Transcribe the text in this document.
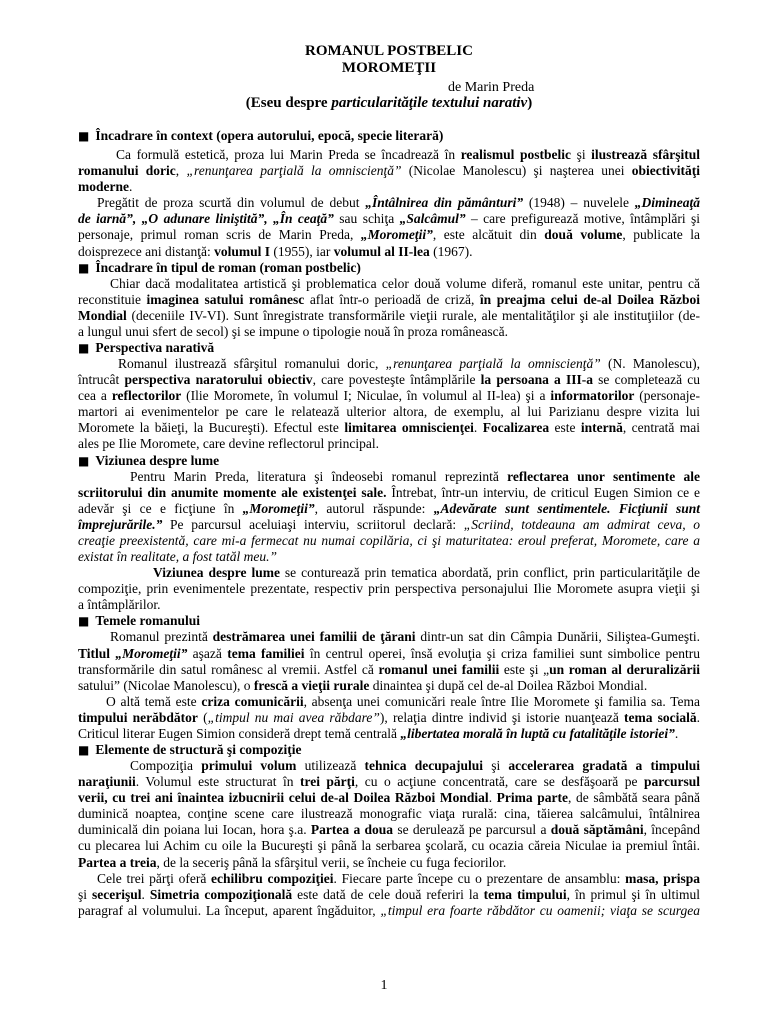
ROMANUL POSTBELIC
MOROMEŢII
de Marin Preda
(Eseu despre particularităţile textului narativ)
■ Încadrare în context (opera autorului, epocă, specie literară)
Ca formulă estetică, proza lui Marin Preda se încadrează în realismul postbelic şi ilustrează sfârşitul
romanului doric, „renunţarea parţială la omniscienţă” (Nicolae Manolescu) şi naşterea unei obiectivităţi
moderne.
Pregătit de proza scurtă din volumul de debut „Întâlnirea din pământuri” (1948) – nuvelele „Dimineaţă
de iarnă”, „O adunare liniştită”, „În ceaţă” sau schiţa „Salcâmul” – care prefigurează motive, întâmplări şi
personaje, primul roman scris de Marin Preda, „Moromeţii”, este alcătuit din două volume, publicate la
doisprezece ani distanţă: volumul I (1955), iar volumul al II-lea (1967).
■ Încadrare în tipul de roman (roman postbelic)
Chiar dacă modalitatea artistică şi problematica celor două volume diferă, romanul este unitar, pentru că
reconstituie imaginea satului românesc aflat într-o perioadă de criză, în preajma celui de-al Doilea Război
Mondial (deceniile IV-VI). Sunt înregistrate transformările vieţii rurale, ale mentalităţilor şi ale instituţiilor (de-
a lungul unui sfert de secol) şi se impune o tipologie nouă în proza românească.
■ Perspectiva narativă
Romanul ilustrează sfârşitul romanului doric, „renunţarea parţială la omniscienţă” (N. Manolescu),
întrucât perspectiva naratorului obiectiv, care povesteşte întâmplările la persoana a III-a se completează cu
cea a reflectorilor (Ilie Moromete, în volumul I; Niculae, în volumul al II-lea) şi a informatorilor (personaje-
martori ai evenimentelor pe care le relatează ulterior altora, de exemplu, al lui Parizianu despre vizita lui
Moromete la băieţi, la Bucureşti). Efectul este limitarea omniscienţei. Focalizarea este internă, centrată mai
ales pe Ilie Moromete, care devine reflectorul principal.
■ Viziunea despre lume
Pentru Marin Preda, literatura şi îndeosebi romanul reprezintă reflectarea unor sentimente ale
scriitorului din anumite momente ale existenţei sale. Întrebat, într-un interviu, de criticul Eugen Simion ce e
adevăr şi ce e ficţiune în „Moromeţii”, autorul răspunde: „Adevărate sunt sentimentele. Ficţiunii sunt
împrejurările.” Pe parcursul aceluiaşi interviu, scriitorul declară: „Scriind, totdeauna am admirat ceva, o
creaţie preexistentă, care mi-a fermecat nu numai copilăria, ci şi maturitatea: eroul preferat, Moromete, care a
existat în realitate, a fost tatăl meu.”
Viziunea despre lume se conturează prin tematica abordată, prin conflict, prin particularităţile de
compoziţie, prin evenimentele prezentate, respectiv prin perspectiva personajului Ilie Moromete asupra vieţii şi
a întâmplărilor.
■ Temele romanului
Romanul prezintă destrămarea unei familii de ţărani dintr-un sat din Câmpia Dunării, Siliştea-Gumeşti.
Titlul „Moromeţii” aşază tema familiei în centrul operei, însă evoluţia şi criza familiei sunt simbolice pentru
transformările din satul românesc al vremii. Astfel că romanul unei familii este şi „un roman al deruralizării
satului” (Nicolae Manolescu), o frescă a vieţii rurale dinaintea şi după cel de-al Doilea Război Mondial.
O altă temă este criza comunicării, absenţa unei comunicări reale între Ilie Moromete şi familia sa. Tema
timpului nerăbdător („timpul nu mai avea răbdare”), relaţia dintre individ şi istorie nuanţează tema socială.
Criticul literar Eugen Simion consideră drept temă centrală „libertatea morală în luptă cu fatalităţile istoriei”.
■ Elemente de structură şi compoziţie
Compoziţia primului volum utilizează tehnica decupajului şi accelerarea gradată a timpului
naraţiunii. Volumul este structurat în trei părţi, cu o acţiune concentrată, care se desfăşoară pe parcursul
verii, cu trei ani înaintea izbucnirii celui de-al Doilea Război Mondial. Prima parte, de sâmbătă seara până
duminică noaptea, conţine scene care ilustrează monografic viaţa rurală: cina, tăierea salcâmului, întâlnirea
duminicală din poiana lui Iocan, hora ş.a. Partea a doua se derulează pe parcursul a două săptămâni, începând
cu plecarea lui Achim cu oile la Bucureşti şi până la serbarea şcolară, cu ocazia căreia Niculae ia premiul întâi.
Partea a treia, de la seceriş până la sfârşitul verii, se încheie cu fuga feciorilor.
Cele trei părţi oferă echilibru compoziţiei. Fiecare parte începe cu o prezentare de ansamblu: masa, prispa
şi secerişul. Simetria compoziţională este dată de cele două referiri la tema timpului, în primul şi în ultimul
paragraf al volumului. La început, aparent îngăduitor, „timpul era foarte răbdător cu oamenii; viaţa se scurgea
1
